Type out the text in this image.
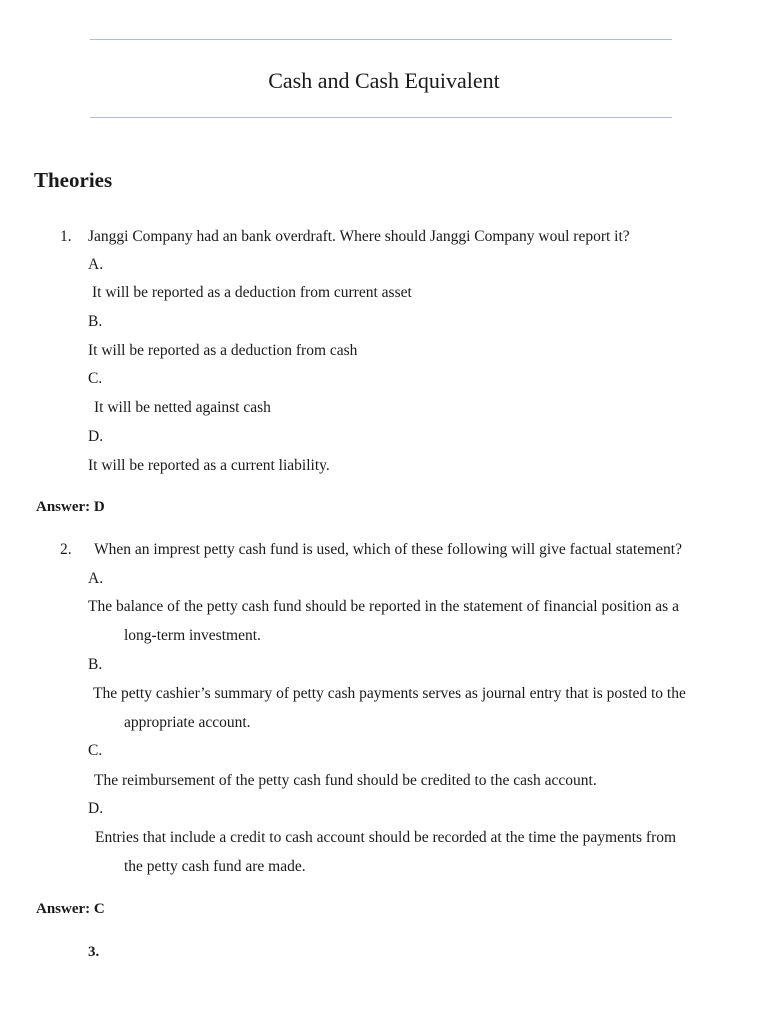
Cash and Cash Equivalent
Theories
1. Janggi Company had an bank overdraft. Where should Janggi Company woul report it?
A.
It will be reported as a deduction from current asset
B.
It will be reported as a deduction from cash
C.
It will be netted against cash
D.
It will be reported as a current liability.
Answer: D
2. When an imprest petty cash fund is used, which of these following will give factual statement?
A.
The balance of the petty cash fund should be reported in the statement of financial position as a
long-term investment.
B.
The petty cashier’s summary of petty cash payments serves as journal entry that is posted to the
appropriate account.
C.
The reimbursement of the petty cash fund should be credited to the cash account.
D.
Entries that include a credit to cash account should be recorded at the time the payments from
the petty cash fund are made.
Answer: C
3.
